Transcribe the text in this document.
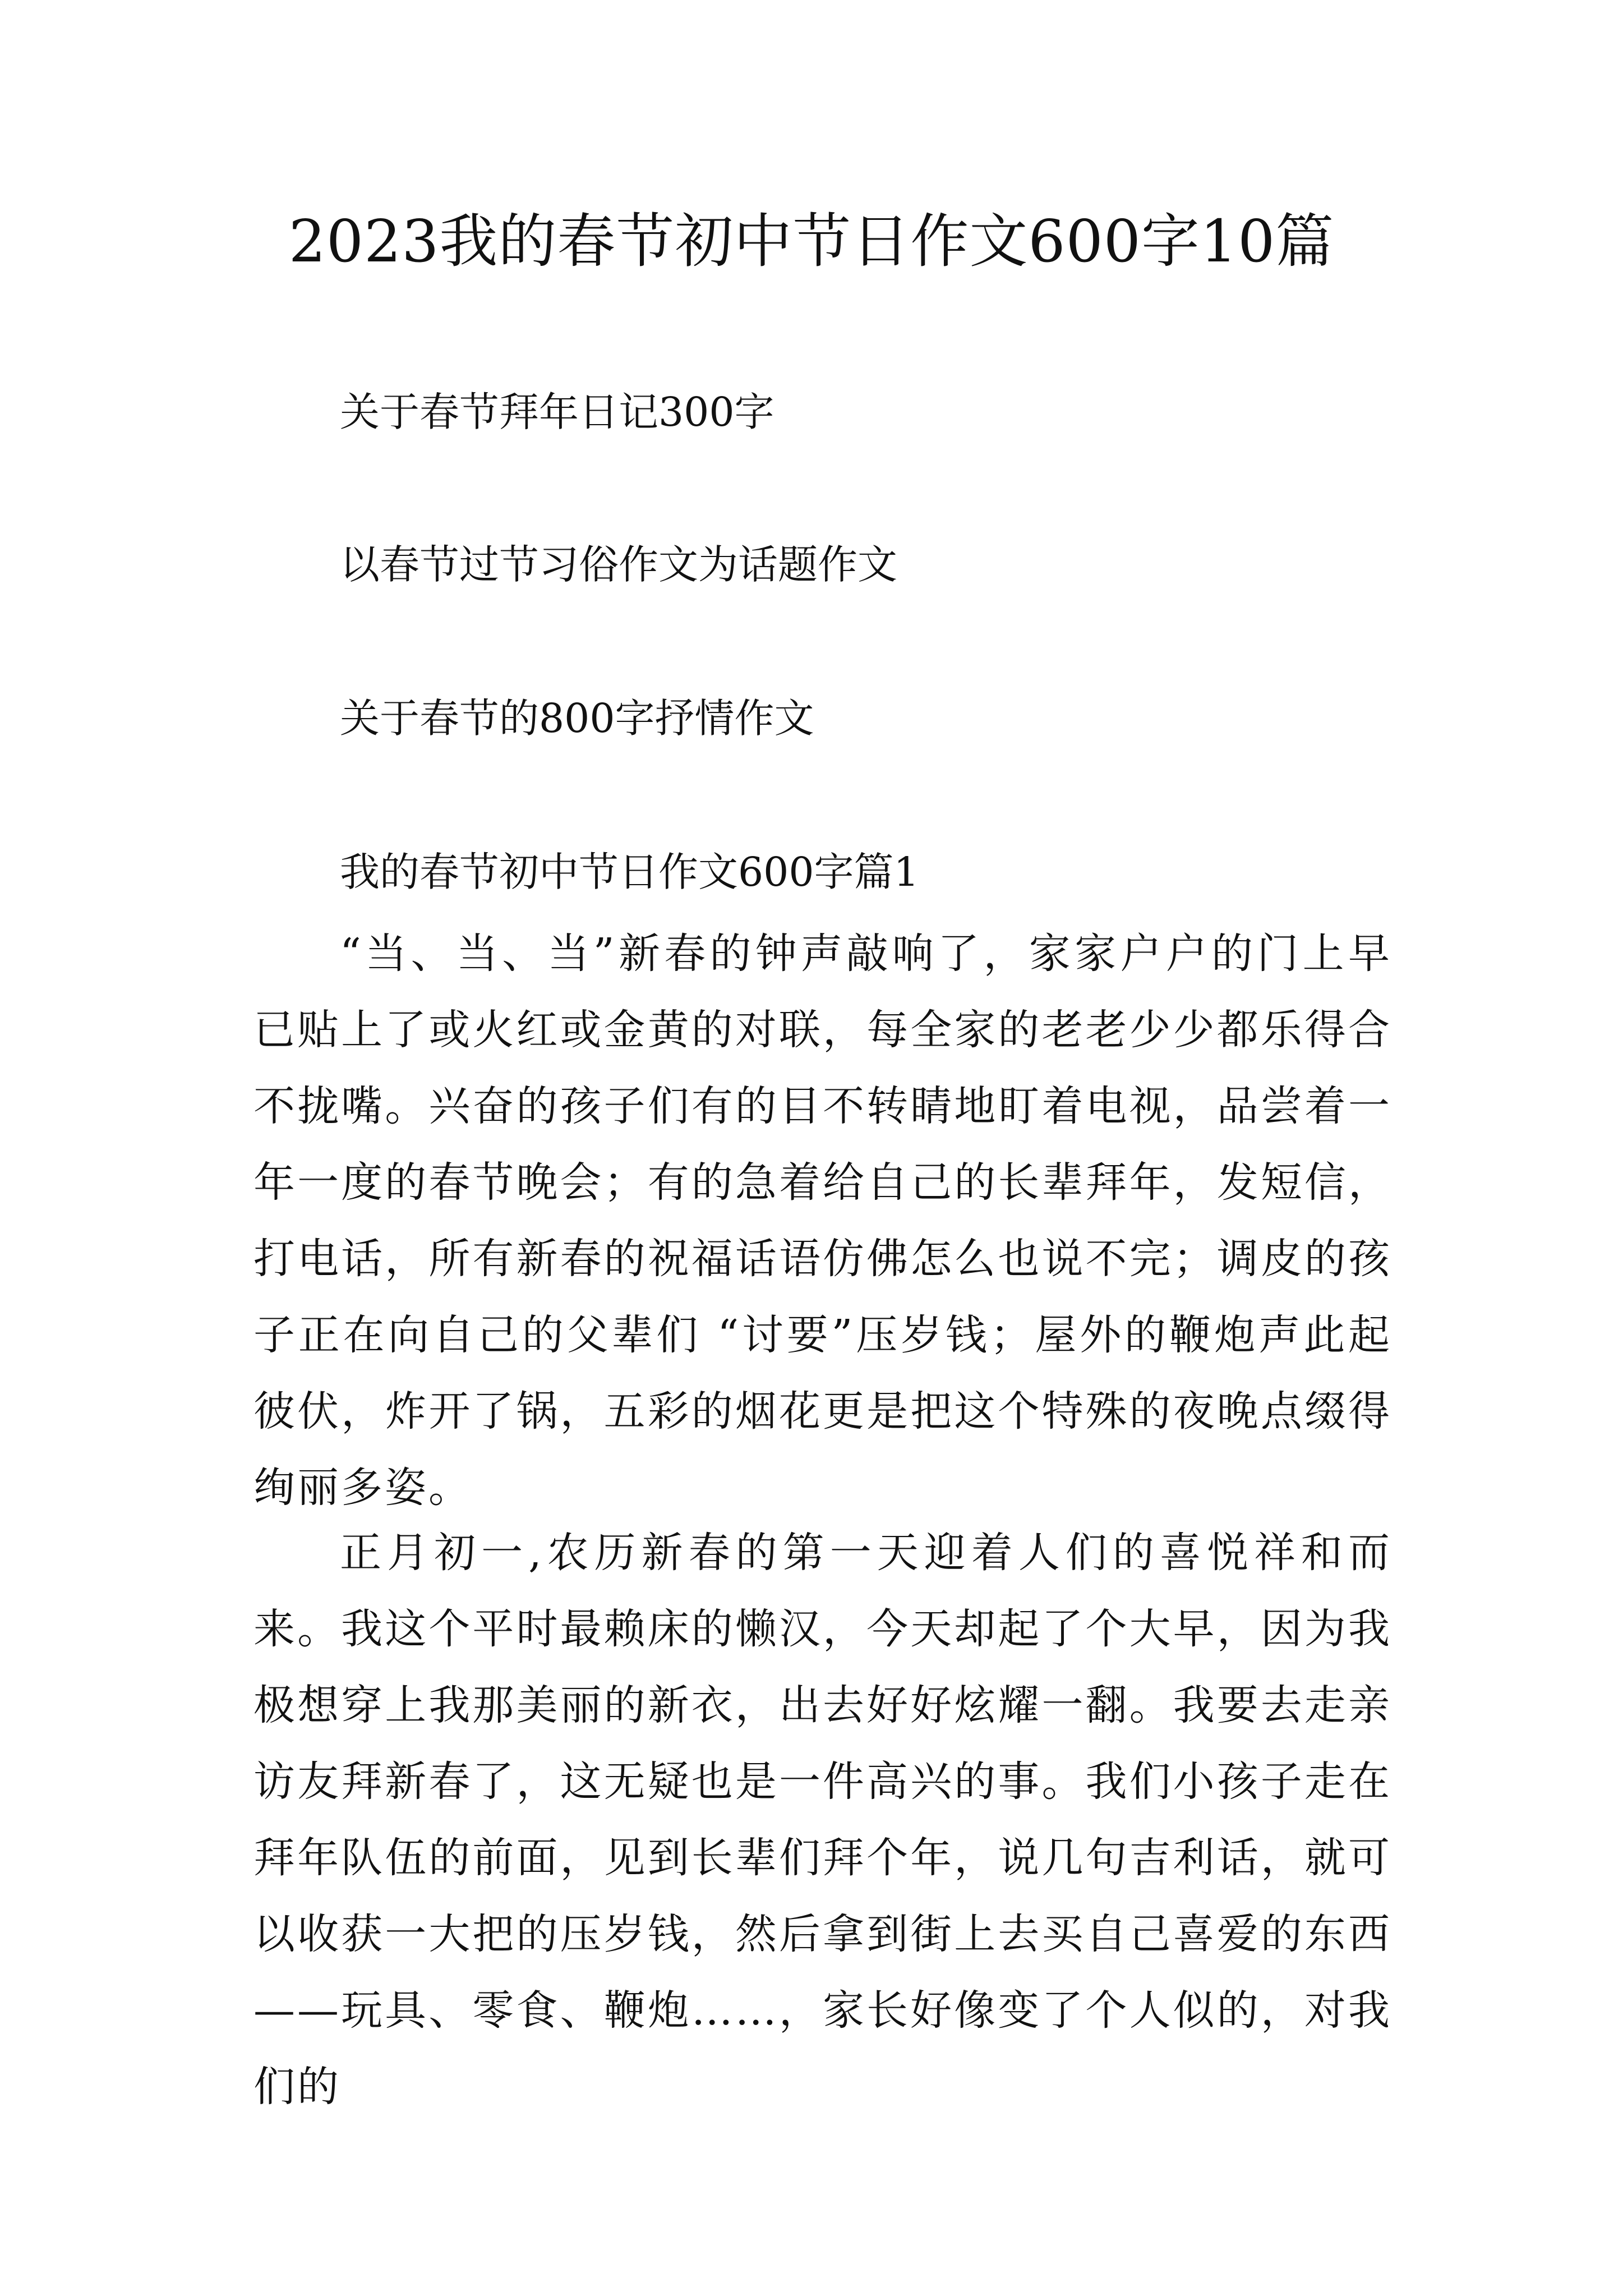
2023我的春节初中节日作文600字10篇

关于春节拜年日记300字

以春节过节习俗作文为话题作文

关于春节的800字抒情作文

我的春节初中节日作文600字篇1

“当、当、当”新春的钟声敲响了，家家户户的门上早已贴上了或火红或金黄的对联，每全家的老老少少都乐得合不拢嘴。兴奋的孩子们有的目不转睛地盯着电视，品尝着一年一度的春节晚会；有的急着给自己的长辈拜年，发短信，打电话，所有新春的祝福话语仿佛怎么也说不完；调皮的孩子正在向自己的父辈们 “讨要”压岁钱；屋外的鞭炮声此起彼伏，炸开了锅，五彩的烟花更是把这个特殊的夜晚点缀得绚丽多姿。

正月初一,农历新春的第一天迎着人们的喜悦祥和而来。我这个平时最赖床的懒汉，今天却起了个大早，因为我极想穿上我那美丽的新衣，出去好好炫耀一翻。我要去走亲访友拜新春了，这无疑也是一件高兴的事。我们小孩子走在拜年队伍的前面，见到长辈们拜个年，说几句吉利话，就可以收获一大把的压岁钱，然后拿到街上去买自己喜爱的东西——玩具、零食、鞭炮……，家长好像变了个人似的，对我们的
